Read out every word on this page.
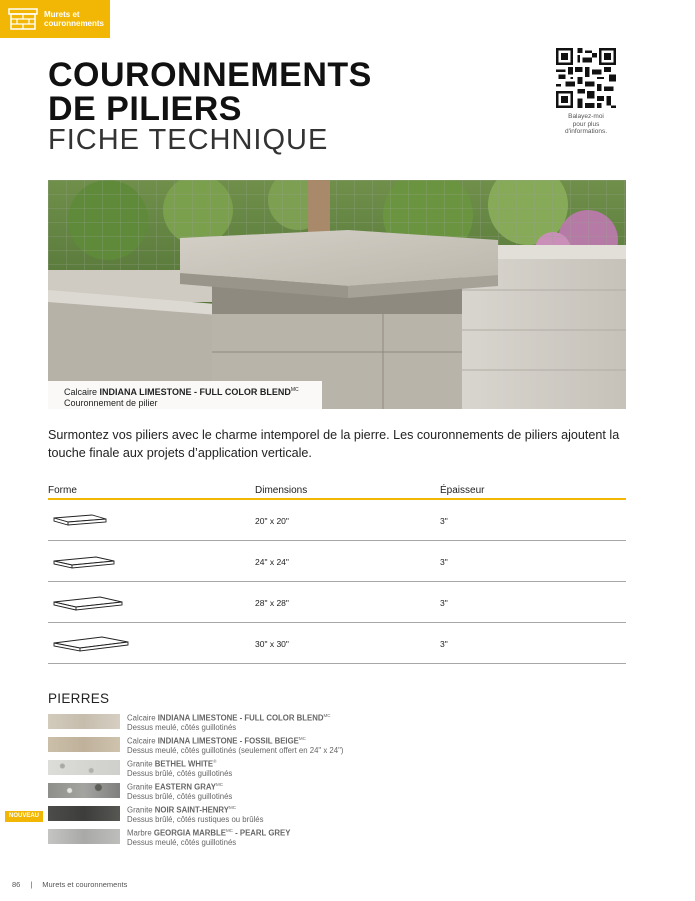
Murets et
couronnements
COURONNEMENTS
DE PILIERS
FICHE TECHNIQUE
Balayez-moi
pour plus
d'informations.
Calcaire INDIANA LIMESTONE - FULL COLOR $BLEND^{MC}$
Couronnement de pilier

Surmontez vos piliers avec le charme intemporel de la pierre. Les couronnements de piliers ajoutent la touche finale aux projets d’application verticale.

Forme	Dimensions	Épaisseur
20" x 20"	3"
24" x 24"	3"
28" x 28"	3"
30" x 30"	3"
PIERRES
Calcaire INDIANA LIMESTONE - FULL COLOR $BLEND^{MC}$
Dessus meulé, côtés guillotinés
Calcaire INDIANA LIMESTONE - FOSSIL $BEIGE^{MC}$
Dessus meulé, côtés guillotinés (seulement offert en 24" x 24")
Granite BETHEL WHITE®
Dessus brûlé, côtés guillotinés
Granite EASTERN $GRAY^{MC}$
Dessus brûlé, côtés guillotinés
NOUVEAU
Granite NOIR SAINT-$HENRY^{MC}$
Dessus brûlé, côtés rustiques ou brûlés
Marbre GEORGIA $MARBLE^{MC}$ - PEARL GREY
Dessus meulé, côtés guillotinés
86 | Murets et couronnements
